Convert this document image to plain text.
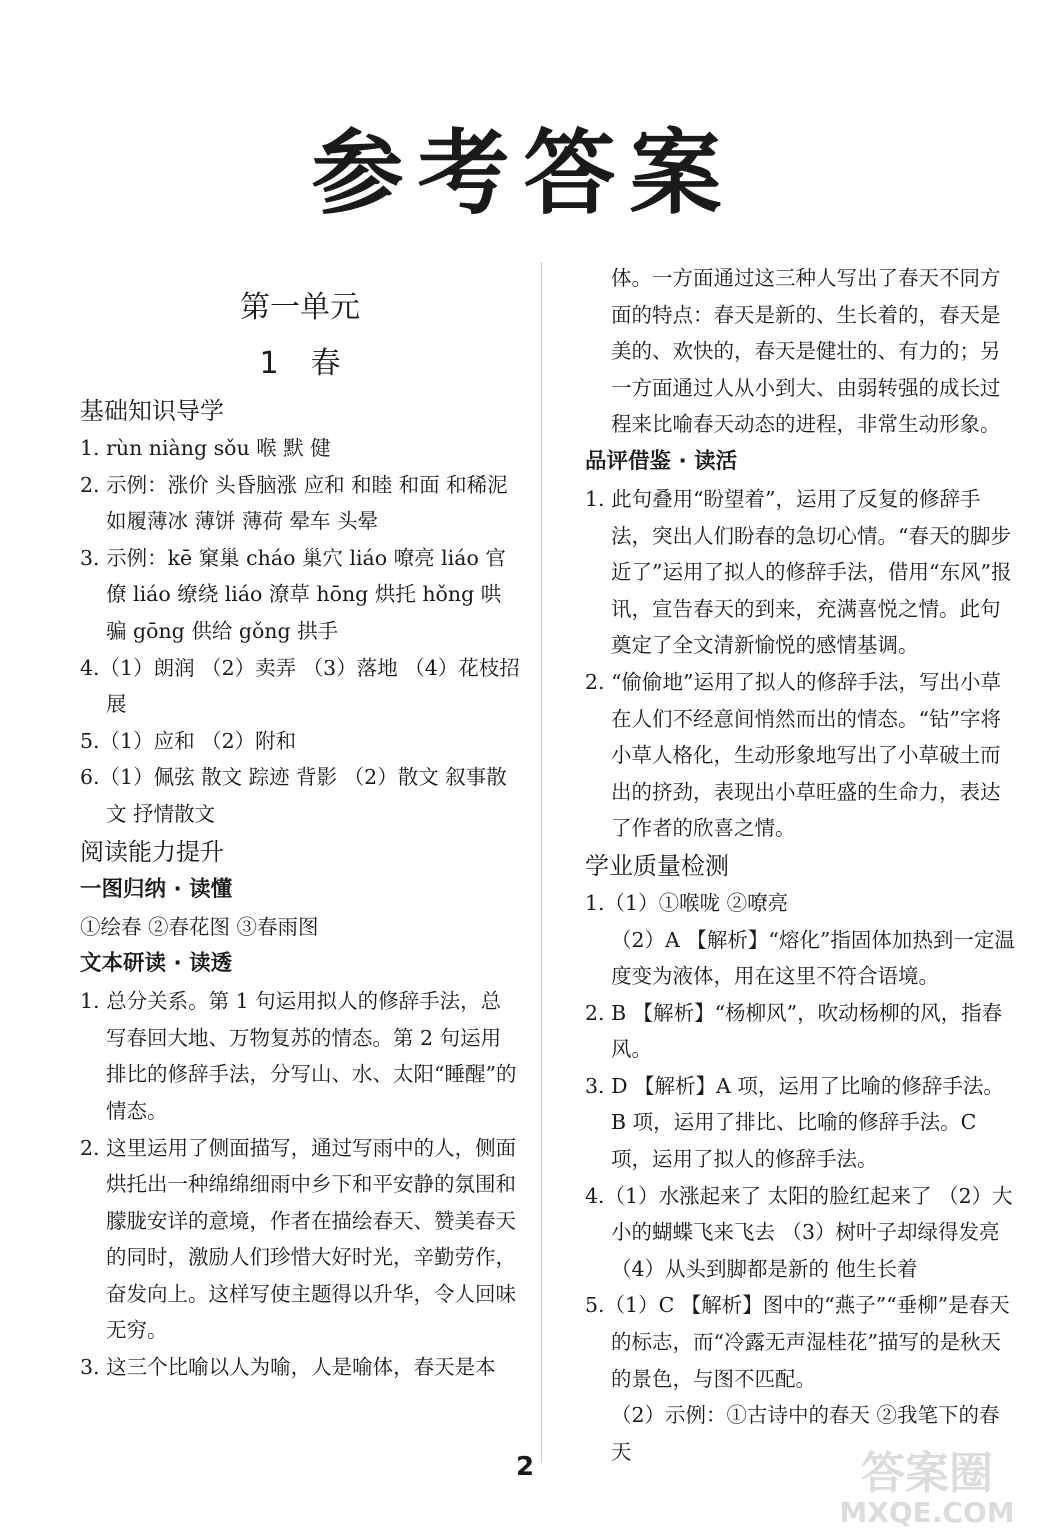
参考答案
第一单元
1 春
基础知识导学
1. rùn niàng sǒu 喉 默 健
2. 示例：涨价 头昏脑涨 应和 和睦 和面 和稀泥 如履薄冰 薄饼 薄荷 晕车 头晕
3. 示例：kē 窠巢 cháo 巢穴 liáo 嘹亮 liáo 官僚 liáo 缭绕 liáo 潦草 hōng 烘托 hǒng 哄骗 gōng 供给 gǒng 拱手
4.（1）朗润 （2）卖弄 （3）落地 （4）花枝招展
5.（1）应和 （2）附和
6.（1）佩弦 散文 踪迹 背影 （2）散文 叙事散文 抒情散文
阅读能力提升
一图归纳 · 读懂
①绘春 ②春花图 ③春雨图
文本研读 · 读透
1. 总分关系。第 1 句运用拟人的修辞手法，总写春回大地、万物复苏的情态。第 2 句运用排比的修辞手法，分写山、水、太阳“睡醒”的情态。
2. 这里运用了侧面描写，通过写雨中的人，侧面烘托出一种绵绵细雨中乡下和平安静的氛围和朦胧安详的意境，作者在描绘春天、赞美春天的同时，激励人们珍惜大好时光，辛勤劳作，奋发向上。这样写使主题得以升华，令人回味无穷。
3. 这三个比喻以人为喻，人是喻体，春天是本
体。一方面通过这三种人写出了春天不同方面的特点：春天是新的、生长着的，春天是美的、欢快的，春天是健壮的、有力的；另一方面通过人从小到大、由弱转强的成长过程来比喻春天动态的进程，非常生动形象。
品评借鉴 · 读活
1. 此句叠用“盼望着”，运用了反复的修辞手法，突出人们盼春的急切心情。“春天的脚步近了”运用了拟人的修辞手法，借用“东风”报讯，宣告春天的到来，充满喜悦之情。此句奠定了全文清新愉悦的感情基调。
2. “偷偷地”运用了拟人的修辞手法，写出小草在人们不经意间悄然而出的情态。“钻”字将小草人格化，生动形象地写出了小草破土而出的挤劲，表现出小草旺盛的生命力，表达了作者的欣喜之情。
学业质量检测
1.（1）①喉咙 ②嘹亮
（2）A 【解析】“熔化”指固体加热到一定温度变为液体，用在这里不符合语境。
2. B 【解析】“杨柳风”，吹动杨柳的风，指春风。
3. D 【解析】A 项，运用了比喻的修辞手法。B 项，运用了排比、比喻的修辞手法。C 项，运用了拟人的修辞手法。
4.（1）水涨起来了 太阳的脸红起来了 （2）大小的蝴蝶飞来飞去 （3）树叶子却绿得发亮
（4）从头到脚都是新的 他生长着
5.（1）C 【解析】图中的“燕子”“垂柳”是春天的标志，而“冷露无声湿桂花”描写的是秋天的景色，与图不匹配。
（2）示例：①古诗中的春天 ②我笔下的春天
2	答案圈
MXQE.COM
